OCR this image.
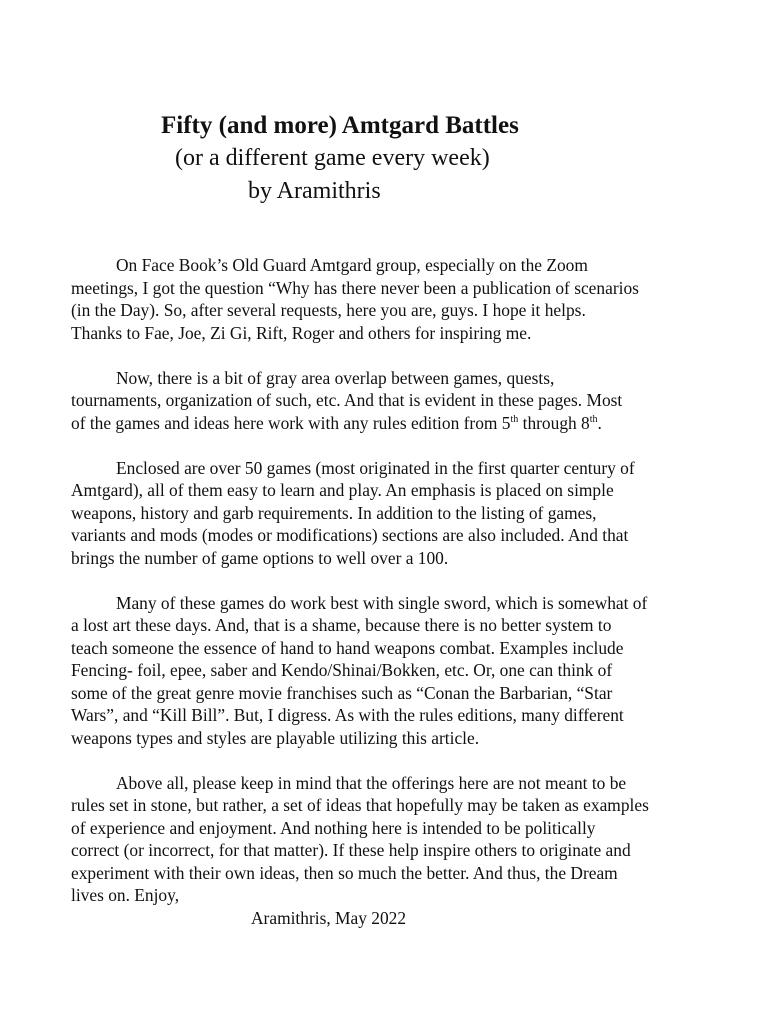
Fifty (and more) Amtgard Battles
(or a different game every week)
by Aramithris

On Face Book’s Old Guard Amtgard group, especially on the Zoom
meetings, I got the question “Why has there never been a publication of scenarios
(in the Day). So, after several requests, here you are, guys. I hope it helps.
Thanks to Fae, Joe, Zi Gi, Rift, Roger and others for inspiring me.

Now, there is a bit of gray area overlap between games, quests,
tournaments, organization of such, etc. And that is evident in these pages. Most
of the games and ideas here work with any rules edition from 5th through 8th.

Enclosed are over 50 games (most originated in the first quarter century of
Amtgard), all of them easy to learn and play. An emphasis is placed on simple
weapons, history and garb requirements. In addition to the listing of games,
variants and mods (modes or modifications) sections are also included. And that
brings the number of game options to well over a 100.

Many of these games do work best with single sword, which is somewhat of
a lost art these days. And, that is a shame, because there is no better system to
teach someone the essence of hand to hand weapons combat. Examples include
Fencing- foil, epee, saber and Kendo/Shinai/Bokken, etc. Or, one can think of
some of the great genre movie franchises such as “Conan the Barbarian, “Star
Wars”, and “Kill Bill”. But, I digress. As with the rules editions, many different
weapons types and styles are playable utilizing this article.

Above all, please keep in mind that the offerings here are not meant to be
rules set in stone, but rather, a set of ideas that hopefully may be taken as examples
of experience and enjoyment. And nothing here is intended to be politically
correct (or incorrect, for that matter). If these help inspire others to originate and
experiment with their own ideas, then so much the better. And thus, the Dream
lives on. Enjoy,
Aramithris, May 2022
